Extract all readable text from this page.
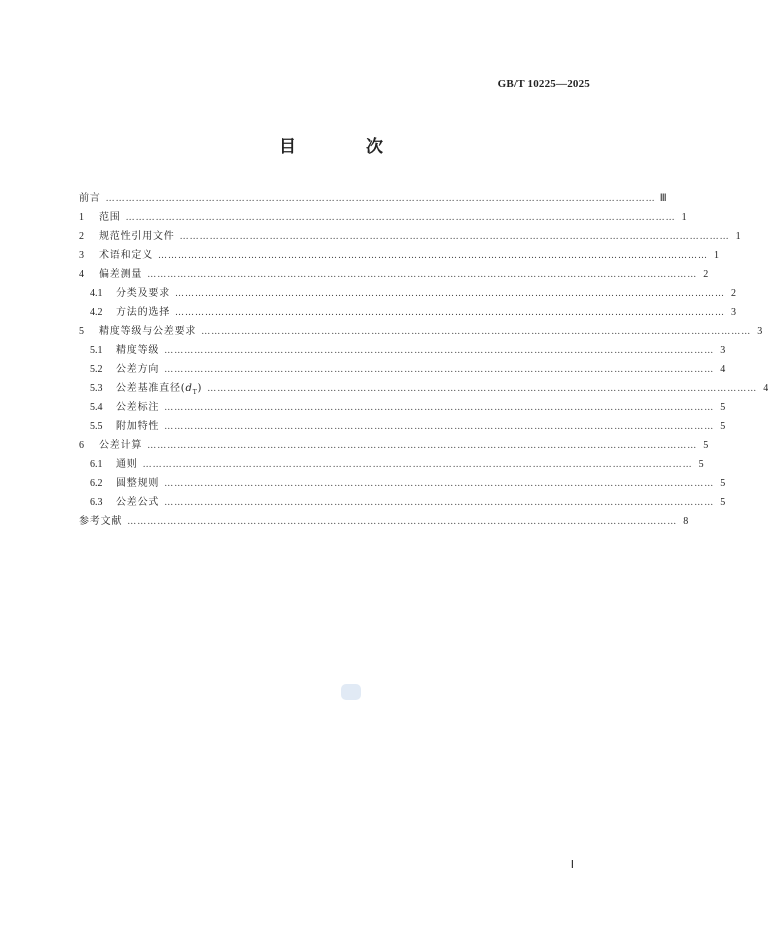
GB/T 10225—2025
目 次
前言 ………………………………………………………………………………………………………………………………………………… Ⅲ
1	范围 ………………………………………………………………………………………………………………………………………………… 1
2	规范性引用文件 ………………………………………………………………………………………………………………………………………………… 1
3	术语和定义 ………………………………………………………………………………………………………………………………………………… 1
4	偏差测量 ………………………………………………………………………………………………………………………………………………… 2
4.1	分类及要求 ………………………………………………………………………………………………………………………………………………… 2
4.2	方法的选择 ………………………………………………………………………………………………………………………………………………… 3
5	精度等级与公差要求 ………………………………………………………………………………………………………………………………………………… 3
5.1	精度等级 ………………………………………………………………………………………………………………………………………………… 3
5.2	公差方向 ………………………………………………………………………………………………………………………………………………… 4
5.3	公差基准直径$(d_T)$ ………………………………………………………………………………………………………………………………………………… 4
5.4	公差标注 ………………………………………………………………………………………………………………………………………………… 5
5.5	附加特性 ………………………………………………………………………………………………………………………………………………… 5
6	公差计算 ………………………………………………………………………………………………………………………………………………… 5
6.1	通则 ………………………………………………………………………………………………………………………………………………… 5
6.2	圆整规则 ………………………………………………………………………………………………………………………………………………… 5
6.3	公差公式 ………………………………………………………………………………………………………………………………………………… 5
参考文献 ………………………………………………………………………………………………………………………………………………… 8
Ⅰ
